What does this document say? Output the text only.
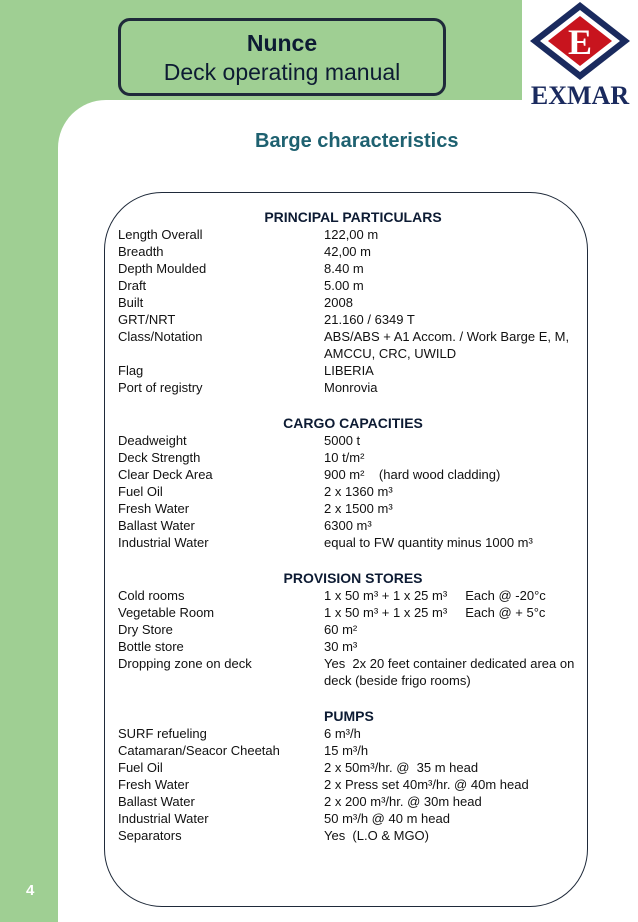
E
EXMAR
Nunce
Deck operating manual
Barge characteristics
PRINCIPAL PARTICULARS
Length Overall	122,00 m
Breadth	42,00 m
Depth Moulded	8.40 m
Draft	5.00 m
Built	2008
GRT/NRT	21.160 / 6349 T
Class/Notation	ABS/ABS + A1 Accom. / Work Barge E, M, AMCCU, CRC, UWILD
Flag	LIBERIA
Port of registry	Monrovia
CARGO CAPACITIES
Deadweight	5000 t
Deck Strength	10 t/m²
Clear Deck Area	900 m²    (hard wood cladding)
Fuel Oil	2 x 1360 m³
Fresh Water	2 x 1500 m³
Ballast Water	6300 m³
Industrial Water	equal to FW quantity minus 1000 m³
PROVISION STORES
Cold rooms	1 x 50 m³ + 1 x 25 m³     Each @ -20°c
Vegetable Room	1 x 50 m³ + 1 x 25 m³     Each @ + 5°c
Dry Store	60 m²
Bottle store	30 m³
Dropping zone on deck	Yes  2x 20 feet container dedicated area on deck (beside frigo rooms)
PUMPS
SURF refueling	6 m³/h
Catamaran/Seacor Cheetah	15 m³/h
Fuel Oil	2 x 50m³/hr. @  35 m head
Fresh Water	2 x Press set 40m³/hr. @ 40m head
Ballast Water	2 x 200 m³/hr. @ 30m head
Industrial Water	50 m³/h @ 40 m head
Separators	Yes  (L.O & MGO)
4
